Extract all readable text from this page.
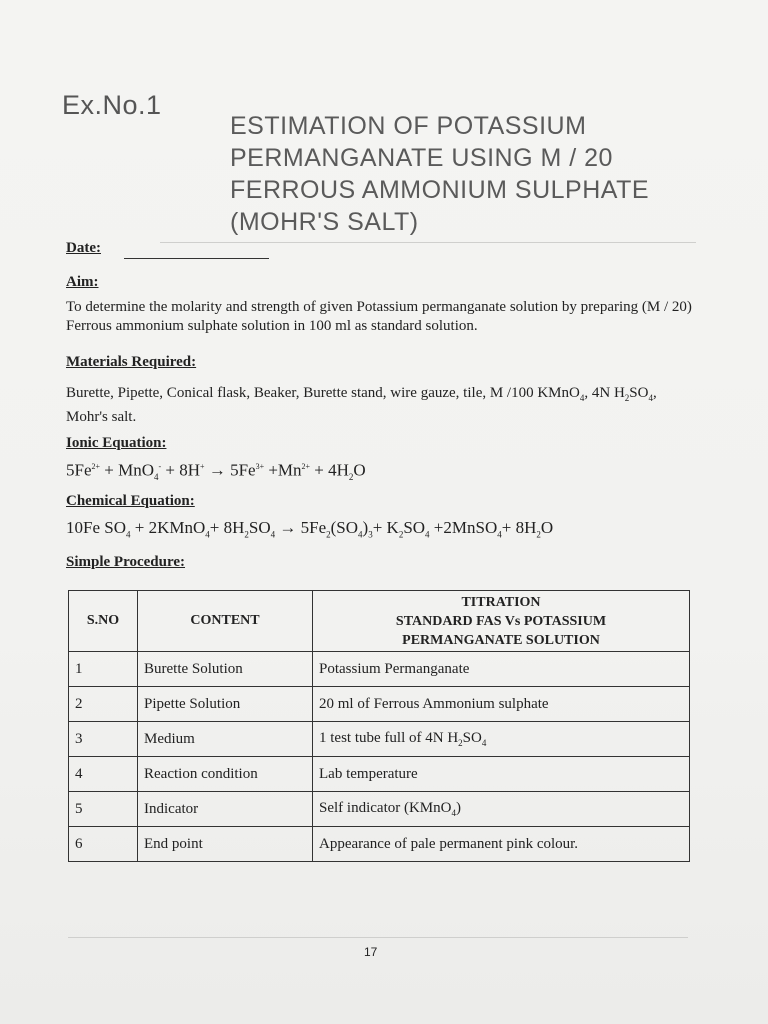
Ex.No.1
ESTIMATION OF POTASSIUM
PERMANGANATE USING M / 20
FERROUS AMMONIUM SULPHATE
(MOHR'S SALT)
Date:
Aim:
To determine the molarity and strength of given Potassium permanganate solution by preparing (M / 20) Ferrous ammonium sulphate solution in 100 ml as standard solution.
Materials Required:
Burette, Pipette, Conical flask, Beaker, Burette stand, wire gauze, tile, M /100 KMnO$_4$, 4N $H_2SO_4$, Mohr's salt.
Ionic Equation:
$5Fe^{2+} + MnO_4^- + 8H^+ \to 5Fe^{3+} +Mn^{2+} + 4H_2O$
Chemical Equation:
10Fe $SO_4$ + 2KMnO$_4$+ $8H_2SO_4 \to 5Fe_2(SO_4)_3+ K_2SO_4$ +2MnSO$_4$+ $8H_2O$
Simple Procedure:
S.NO	CONTENT	TITRATION
STANDARD FAS Vs POTASSIUM
PERMANGANATE SOLUTION

1	Burette Solution	Potassium Permanganate
2	Pipette Solution	20 ml of Ferrous Ammonium sulphate
3	Medium	1 test tube full of 4N $H_2SO_4$
4	Reaction condition	Lab temperature
5	Indicator	Self indicator (KMnO$_4$)
6	End point	Appearance of pale permanent pink colour.
17
